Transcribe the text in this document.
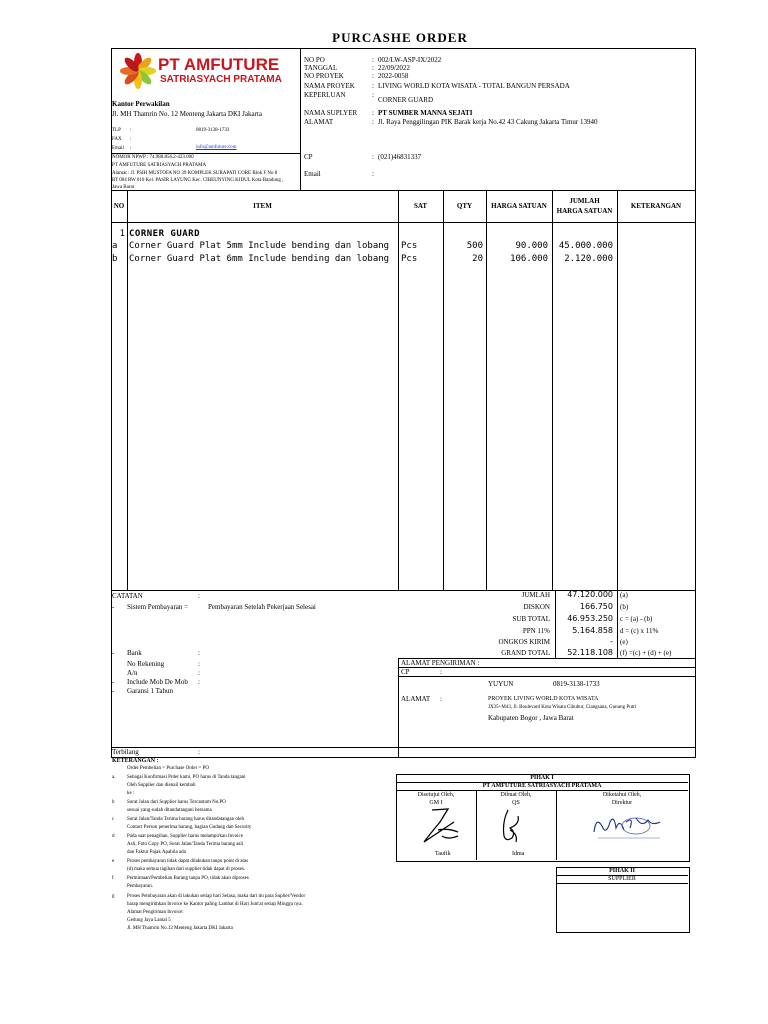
PURCASHE ORDER
PT AMFUTURE
SATRIASYACH PRATAMA
Kantor Perwakilan
Jl. MH Thamrin No. 12 Menteng Jakarta DKI Jakarta
TLP :	0819-3138-1733
FAX :
Email :	info@amfuture.com
NOMOR NPWP : 74.980.856.2-423.000
PT AMFUTURE SATRIASYACH PRATAMA
Alamat : Jl. PSIH MUSTOFA NO 39 KOMPLEK SURAPATI CORE Blok F No 8
RT 004 RW 010 Kel. PASIR LAYUNG Kec. CIBEUNYING KIDUL Kota Bandung ,
Jawa Barat
NO PO	: 002/LW-ASP-IX/2022
TANGGAL	: 22/09/2022
NO PROYEK	: 2022-0058
NAMA PROYEK : LIVING WORLD KOTA WISATA - TOTAL BANGUN PERSADA
KEPERLUAN	:
CORNER GUARD
NAMA SUPLYER : PT SUMBER MANNA SEJATI
ALAMAT	: Jl. Raya Penggilingan PIK Barak kerja No.42 43 Cakung Jakarta Timur 13940
CP	: (021)46831337
Email	:
NO	ITEM	SAT	QTY	HARGA SATUAN
JUMLAH
HARGA SATUAN
KETERANGAN
1 CORNER GUARD
a Corner Guard Plat 5mm Include bending dan lobang Pcs	500	90.000	45.000.000
b Corner Guard Plat 6mm Include bending dan lobang Pcs	20	106.000	2.120.000
CATATAN	:
- Sistem Pembayaran =	Pembayaran Setelah Pekerjaan Selesai
- Bank	:
No Rekening	:
A/n	:
- Include Mob De Mob :
- Garansi 1 Tahun
JUMLAH	47.120.000 (a)
DISKON	166.750 (b)
SUB TOTAL	46.953.250 c = (a) - (b)
PPN 11%	5.164.858 d = (c) x 11%
ONGKOS KIRIM	- (e)
GRAND TOTAL	52.118.108 (f) =(c) + (d) + (e)
ALAMAT PENGIRIMAN :
CP	:
YUYUN	0819-3138-1733
ALAMAT :	PROYEK LIVING WORLD KOTA WISATA
JX35+M43, Jl. Boulevard Kota Wisata Cibubur, Ciangsana, Gunung Putri
Kabupaten Bogor , Jawa Barat
Terbilang	:
KETERANGAN :
Order Pembelian = Purchase Order = PO
a. Sebagai Konfirmasi Prder kami, PO harus di Tanda tangani
Oleh Supplier dan dienail kembali
ke :
b	Surat Jalan dari Supplier harus Tercantum No.PO
sesuai yang sudah ditandatangani bersama
c	Surat Jalan/Tanda Terima barang harus ditandatangan oleh
Contact Person penerima barang, bagian Gudang dan Security
d	Pada saat penagihan, Supplier harus melampirkan Invoice
Asli, Foto Copy PO, Surat Jalan/Tanda Terima barang asli
dan Faktur Pajak Apabila ada
e	Proses pembayaran tidak dapat dilakukan tanpu point di atas
(d) maka semua tagihan dari supplier tidak dapat di proses.
f	Permintaan/Pembelian Barang tanpa PO, tidak akan diproses
Pembayaran.
g	Proses Pembayaran akan di lakukan setiap hari Selasa, maka dari itu para Suplier/Vendor
harap mengirimkan Invoice ke Kantor paling Lambat di Hari Jum'at setiap Minggu nya.
Alamat Pengiriman Invoice:
Gedung Jaya Lantai 5
Jl. MH Thamrin No.12 Menteng Jakarta DKI Jakarta
PIHAK I
PT AMFUTURE SATRIASYACH PRATAMA
Disetujui Oleh,
GM I
Dibuat Oleh,
QS
Diketahui Oleh,
Direktur
Taufik	Idma
PIHAK II
SUPPLIER
